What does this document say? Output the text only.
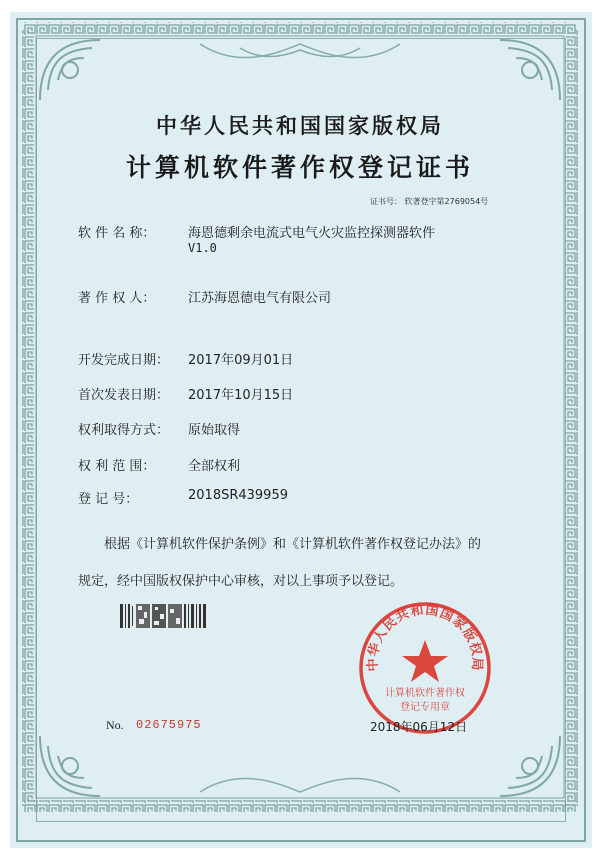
中华人民共和国国家版权局
计算机软件著作权登记证书
证书号： 软著登字第2769054号
软 件 名 称：	海恩德剩余电流式电气火灾监控探测器软件
V1.0
著 作 权 人：	江苏海恩德电气有限公司
开发完成日期： 2017年09月01日
首次发表日期： 2017年10月15日
权利取得方式： 原始取得
权 利 范 围：	全部权利
登 记 号：	2018SR439959
根据《计算机软件保护条例》和《计算机软件著作权登记办法》的
规定，经中国版权保护中心审核，对以上事项予以登记。
No. 02675975
中华人民共和国国家版权局
计算机软件著作权
登记专用章
2018年06月12日
